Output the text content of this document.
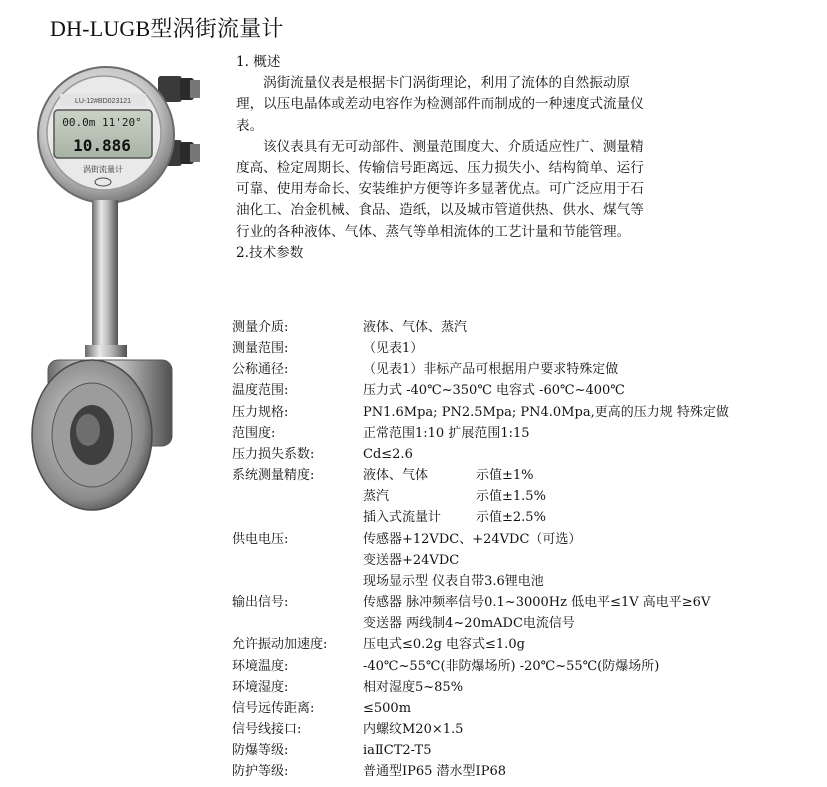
DH-LUGB型涡街流量计
LU-12#BD023121
00.0m 11'20°
10.886
涡街流量计

1. 概述

涡街流量仪表是根据卡门涡街理论，利用了流体的自然振动原理，以压电晶体或差动电容作为检测部件而制成的一种速度式流量仪表。

该仪表具有无可动部件、测量范围度大、介质适应性广、测量精度高、检定周期长、传输信号距离远、压力损失小、结构简单、运行可靠、使用寿命长、安装维护方便等许多显著优点。可广泛应用于石油化工、冶金机械、食品、造纸，以及城市管道供热、供水、煤气等行业的各种液体、气体、蒸气等单相流体的工艺计量和节能管理。

2.技术参数

测量介质:	液体、气体、蒸汽
测量范围:	（见表1）
公称通径:	（见表1）非标产品可根据用户要求特殊定做
温度范围:	压力式 -40℃~350℃ 电容式 -60℃~400℃
压力规格:	PN1.6Mpa; PN2.5Mpa; PN4.0Mpa,更高的压力规 特殊定做
范围度:	正常范围1:10 扩展范围1:15
压力损失系数:	Cd≤2.6
系统测量精度:	液体、气体	示值±1%
蒸汽	示值±1.5%
插入式流量计	示值±2.5%
供电电压:	传感器+12VDC、+24VDC（可选）
变送器+24VDC
现场显示型 仪表自带3.6锂电池
输出信号:	传感器 脉冲频率信号0.1~3000Hz 低电平≤1V 高电平≥6V
变送器 两线制4~20mADC电流信号
允许振动加速度:	压电式≤0.2g 电容式≤1.0g
环境温度:	-40℃~55℃(非防爆场所) -20℃~55℃(防爆场所)
环境湿度:	相对湿度5~85%
信号远传距离:	≤500m
信号线接口:	内螺纹M20×1.5
防爆等级:	iaⅡCT2-T5
防护等级:	普通型IP65 潜水型IP68
